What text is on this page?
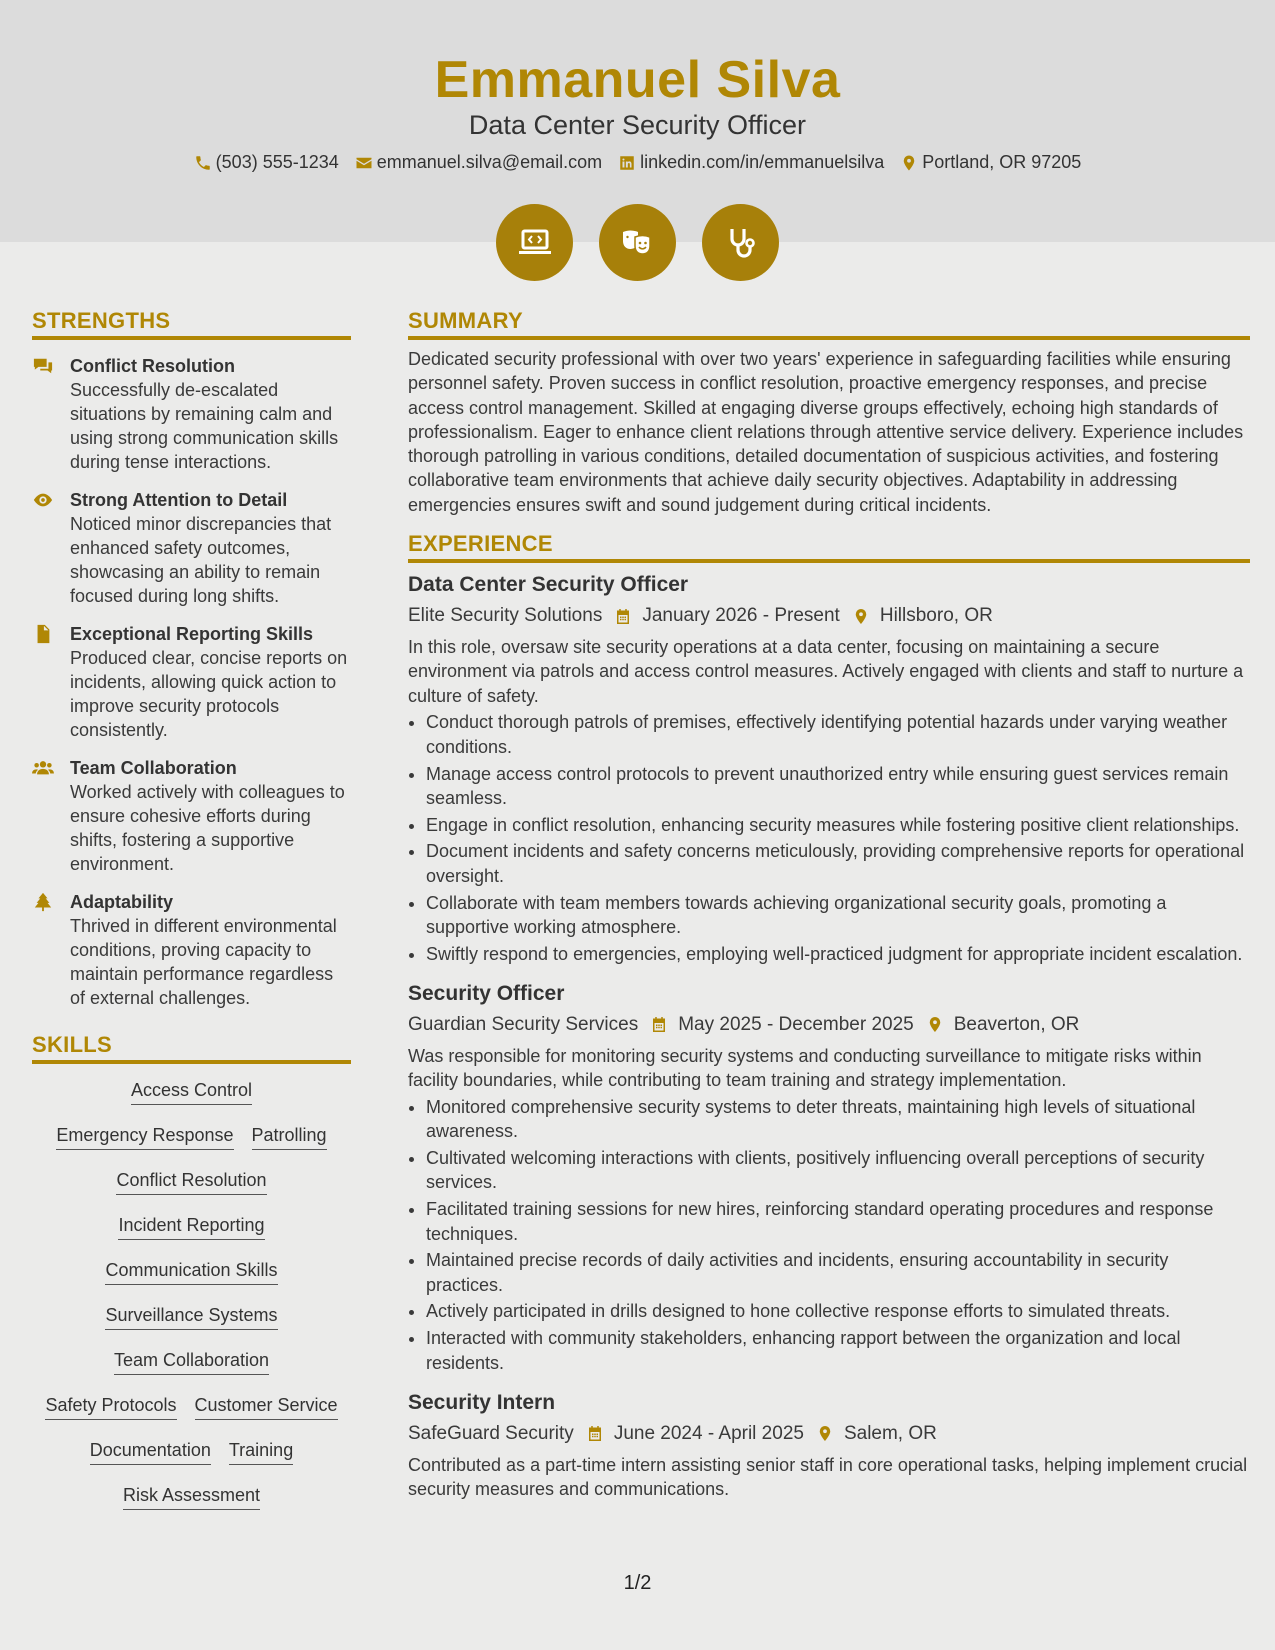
Emmanuel Silva
Data Center Security Officer
(503) 555-1234 emmanuel.silva@email.com linkedin.com/in/emmanuelsilva Portland, OR 97205
STRENGTHS
Conflict Resolution
Successfully de-escalated situations by remaining calm and using strong communication skills during tense interactions.
Strong Attention to Detail
Noticed minor discrepancies that enhanced safety outcomes, showcasing an ability to remain focused during long shifts.
Exceptional Reporting Skills
Produced clear, concise reports on incidents, allowing quick action to improve security protocols consistently.
Team Collaboration
Worked actively with colleagues to ensure cohesive efforts during shifts, fostering a supportive environment.
Adaptability
Thrived in different environmental conditions, proving capacity to maintain performance regardless of external challenges.
SKILLS
Access Control
Emergency Response Patrolling
Conflict Resolution
Incident Reporting
Communication Skills
Surveillance Systems
Team Collaboration
Safety Protocols Customer Service
Documentation Training
Risk Assessment
SUMMARY
Dedicated security professional with over two years' experience in safeguarding facilities while ensuring personnel safety. Proven success in conflict resolution, proactive emergency responses, and precise access control management. Skilled at engaging diverse groups effectively, echoing high standards of professionalism. Eager to enhance client relations through attentive service delivery. Experience includes thorough patrolling in various conditions, detailed documentation of suspicious activities, and fostering collaborative team environments that achieve daily security objectives. Adaptability in addressing emergencies ensures swift and sound judgement during critical incidents.
EXPERIENCE
Data Center Security Officer
Elite Security Solutions January 2026 - Present Hillsboro, OR
In this role, oversaw site security operations at a data center, focusing on maintaining a secure environment via patrols and access control measures. Actively engaged with clients and staff to nurture a culture of safety.
• Conduct thorough patrols of premises, effectively identifying potential hazards under varying weather conditions.
• Manage access control protocols to prevent unauthorized entry while ensuring guest services remain seamless.
• Engage in conflict resolution, enhancing security measures while fostering positive client relationships.
• Document incidents and safety concerns meticulously, providing comprehensive reports for operational oversight.
• Collaborate with team members towards achieving organizational security goals, promoting a supportive working atmosphere.
• Swiftly respond to emergencies, employing well-practiced judgment for appropriate incident escalation.
Security Officer
Guardian Security Services May 2025 - December 2025 Beaverton, OR
Was responsible for monitoring security systems and conducting surveillance to mitigate risks within facility boundaries, while contributing to team training and strategy implementation.
• Monitored comprehensive security systems to deter threats, maintaining high levels of situational awareness.
• Cultivated welcoming interactions with clients, positively influencing overall perceptions of security services.
• Facilitated training sessions for new hires, reinforcing standard operating procedures and response techniques.
• Maintained precise records of daily activities and incidents, ensuring accountability in security practices.
• Actively participated in drills designed to hone collective response efforts to simulated threats.
• Interacted with community stakeholders, enhancing rapport between the organization and local residents.
Security Intern
SafeGuard Security June 2024 - April 2025 Salem, OR
Contributed as a part-time intern assisting senior staff in core operational tasks, helping implement crucial security measures and communications.
1/2
